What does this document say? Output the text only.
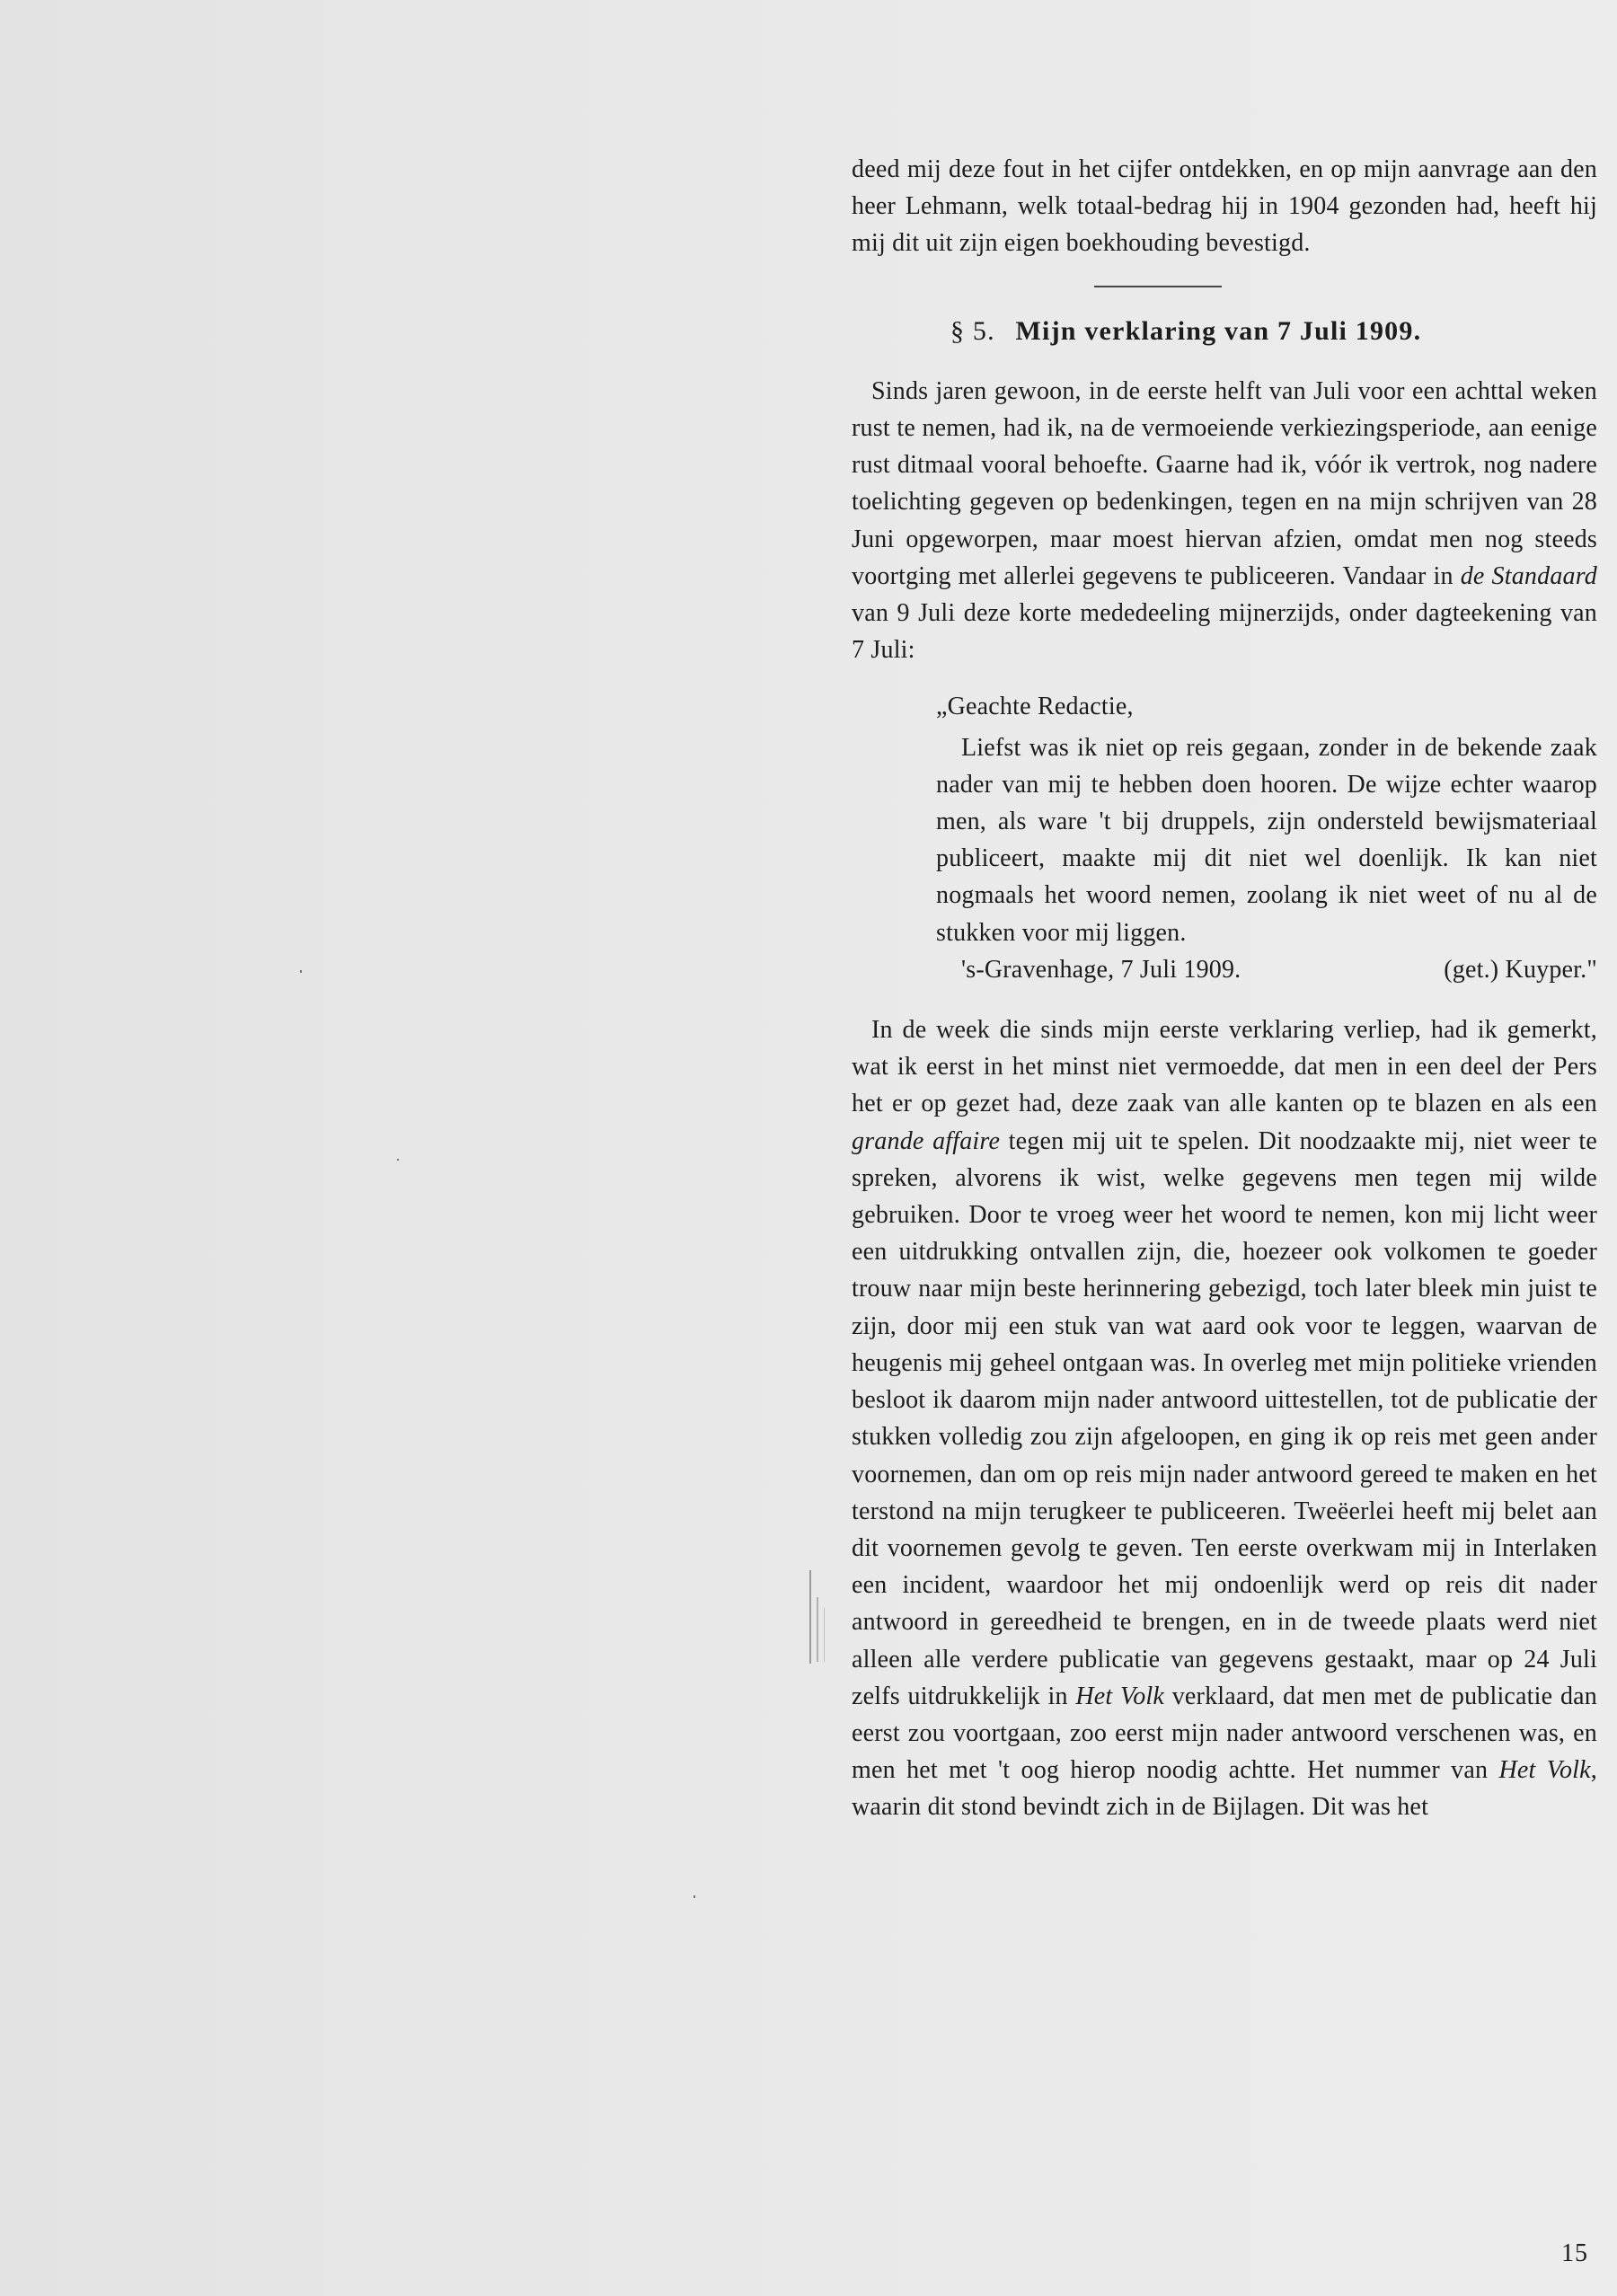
deed mij deze fout in het cijfer ontdekken, en op mijn aanvrage aan den heer Lehmann, welk totaal-bedrag hij in 1904 gezonden had, heeft hij mij dit uit zijn eigen boekhouding bevestigd.

§ 5. Mijn verklaring van 7 Juli 1909.

Sinds jaren gewoon, in de eerste helft van Juli voor een achttal weken rust te nemen, had ik, na de vermoeiende verkiezingsperiode, aan eenige rust ditmaal vooral behoefte. Gaarne had ik, vóór ik vertrok, nog nadere toelichting gegeven op bedenkingen, tegen en na mijn schrijven van 28 Juni opgeworpen, maar moest hiervan afzien, omdat men nog steeds voortging met allerlei gegevens te publiceeren. Vandaar in de Standaard van 9 Juli deze korte mededeeling mijnerzijds, onder dagteekening van 7 Juli:

„Geachte Redactie,

Liefst was ik niet op reis gegaan, zonder in de bekende zaak nader van mij te hebben doen hooren. De wijze echter waarop men, als ware 't bij druppels, zijn ondersteld bewijsmateriaal publiceert, maakte mij dit niet wel doenlijk. Ik kan niet nogmaals het woord nemen, zoolang ik niet weet of nu al de stukken voor mij liggen.

's-Gravenhage, 7 Juli 1909.	(get.) Kuyper."

In de week die sinds mijn eerste verklaring verliep, had ik gemerkt, wat ik eerst in het minst niet vermoedde, dat men in een deel der Pers het er op gezet had, deze zaak van alle kanten op te blazen en als een grande affaire tegen mij uit te spelen. Dit noodzaakte mij, niet weer te spreken, alvorens ik wist, welke gegevens men tegen mij wilde gebruiken. Door te vroeg weer het woord te nemen, kon mij licht weer een uitdrukking ontvallen zijn, die, hoezeer ook volkomen te goeder trouw naar mijn beste herinnering gebezigd, toch later bleek min juist te zijn, door mij een stuk van wat aard ook voor te leggen, waarvan de heugenis mij geheel ontgaan was. In overleg met mijn politieke vrienden besloot ik daarom mijn nader antwoord uittestellen, tot de publicatie der stukken volledig zou zijn afgeloopen, en ging ik op reis met geen ander voornemen, dan om op reis mijn nader antwoord gereed te maken en het terstond na mijn terugkeer te publiceeren. Tweëerlei heeft mij belet aan dit voornemen gevolg te geven. Ten eerste overkwam mij in Interlaken een incident, waardoor het mij ondoenlijk werd op reis dit nader antwoord in gereedheid te brengen, en in de tweede plaats werd niet alleen alle verdere publicatie van gegevens gestaakt, maar op 24 Juli zelfs uitdrukkelijk in Het Volk verklaard, dat men met de publicatie dan eerst zou voortgaan, zoo eerst mijn nader antwoord verschenen was, en men het met 't oog hierop noodig achtte. Het nummer van Het Volk, waarin dit stond bevindt zich in de Bijlagen. Dit was het

15
